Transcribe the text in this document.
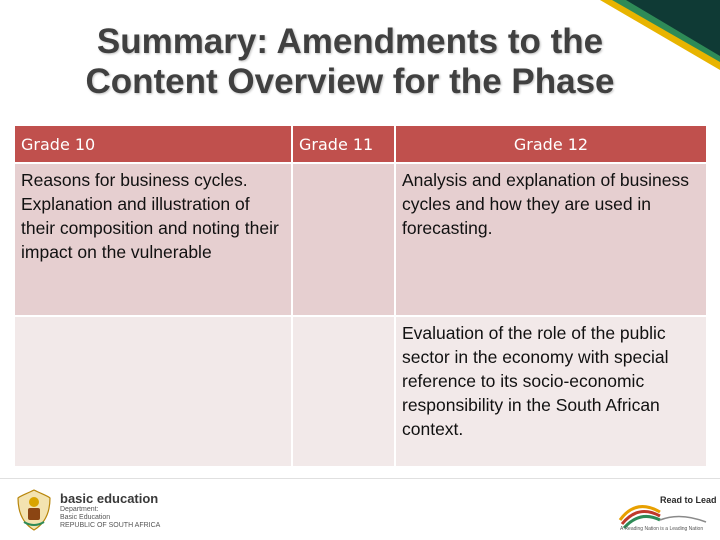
Summary: Amendments to the
Content Overview for the Phase
Grade 10	Grade 11	Grade 12
Reasons for business cycles. Explanation and illustration of their composition and noting their impact on the vulnerable		Analysis and explanation of business cycles and how they are used in forecasting.
		Evaluation of the role of the public sector in the economy with special reference to its socio-economic responsibility in the South African context.
basic education
Department:
Basic Education
REPUBLIC OF SOUTH AFRICA
Read to Lead
A Reading Nation is a Leading Nation
